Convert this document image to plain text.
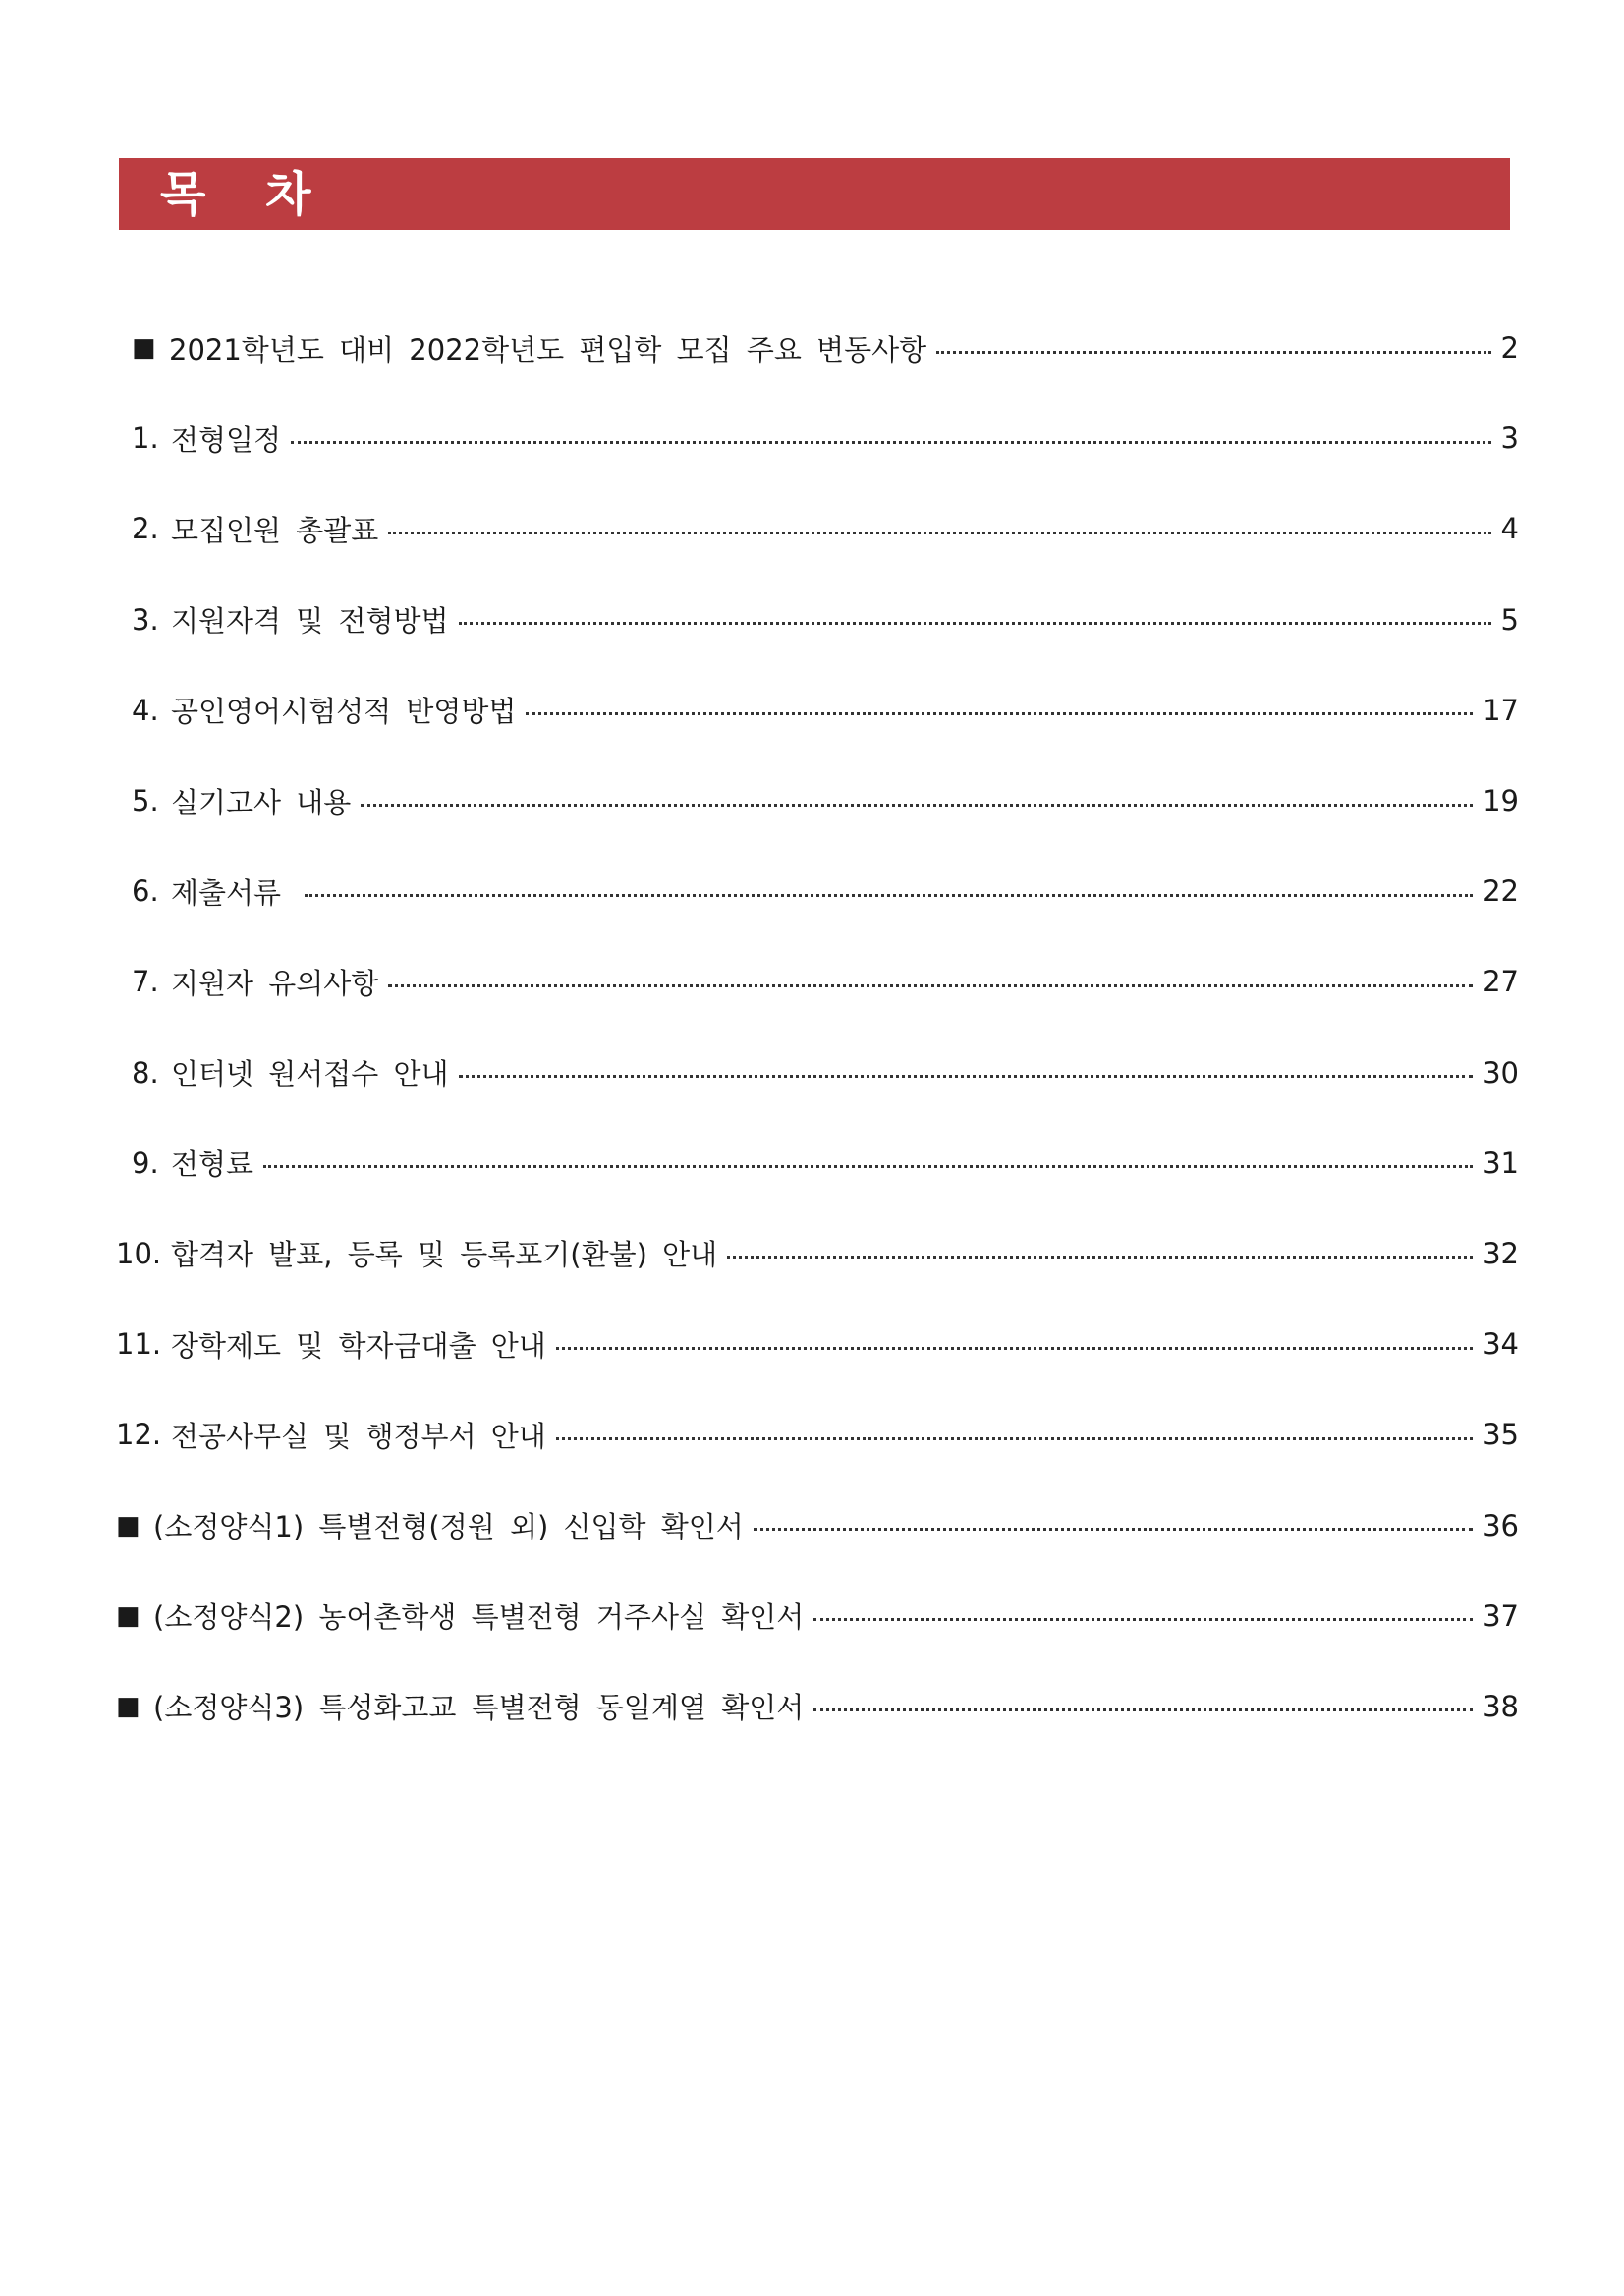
목 차
■ 2021학년도 대비 2022학년도 편입학 모집 주요 변동사항	2
1. 전형일정	3
2. 모집인원 총괄표	4
3. 지원자격 및 전형방법	5
4. 공인영어시험성적 반영방법	17
5. 실기고사 내용	19
6. 제출서류	22
7. 지원자 유의사항	27
8. 인터넷 원서접수 안내	30
9. 전형료	31
10. 합격자 발표, 등록 및 등록포기(환불) 안내	32
11. 장학제도 및 학자금대출 안내	34
12. 전공사무실 및 행정부서 안내	35
■ (소정양식1) 특별전형(정원 외) 신입학 확인서	36
■ (소정양식2) 농어촌학생 특별전형 거주사실 확인서	37
■ (소정양식3) 특성화고교 특별전형 동일계열 확인서	38
